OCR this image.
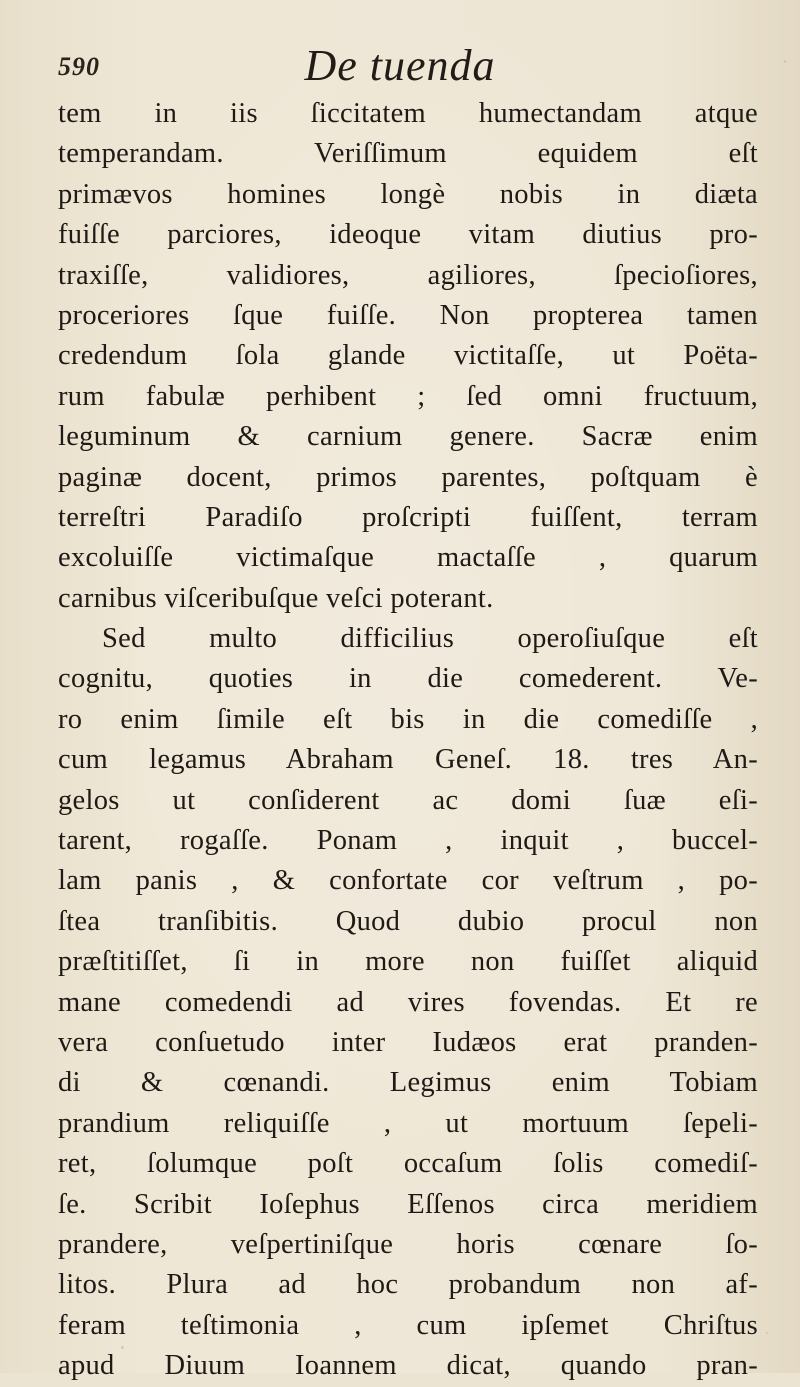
590	De tuenda
tem in iis ſiccitatem humectandam atque
temperandam. Veriſſimum equidem eſt
primævos homines longè nobis in diæta
fuiſſe parciores, ideoque vitam diutius pro-
traxiſſe, validiores, agiliores, ſpecioſiores,
proceriores ſque fuiſſe. Non propterea tamen
credendum ſola glande victitaſſe, ut Poëta-
rum fabulæ perhibent ; ſed omni fructuum,
leguminum & carnium genere. Sacræ enim
paginæ docent, primos parentes, poſtquam è
terreſtri Paradiſo proſcripti fuiſſent, terram
excoluiſſe victimaſque mactaſſe , quarum
carnibus viſceribuſque veſci poterant.
Sed multo difficilius operoſiuſque eſt
cognitu, quoties in die comederent. Ve-
ro enim ſimile eſt bis in die comediſſe ,
cum legamus Abraham Geneſ. 18. tres An-
gelos ut conſiderent ac domi ſuæ eſi-
tarent, rogaſſe. Ponam , inquit , buccel-
lam panis , & confortate cor veſtrum , po-
ſtea tranſibitis. Quod dubio procul non
præſtitiſſet, ſi in more non fuiſſet aliquid
mane comedendi ad vires fovendas. Et re
vera conſuetudo inter Iudæos erat pranden-
di & cœnandi. Legimus enim Tobiam
prandium reliquiſſe , ut mortuum ſepeli-
ret, ſolumque poſt occaſum ſolis comediſ-
ſe. Scribit Ioſephus Eſſenos circa meridiem
prandere, veſpertiniſque horis cœnare ſo-
litos. Plura ad hoc probandum non af-
feram teſtimonia , cum ipſemet Chriſtus
apud Diuum Ioannem dicat, quando pran-
